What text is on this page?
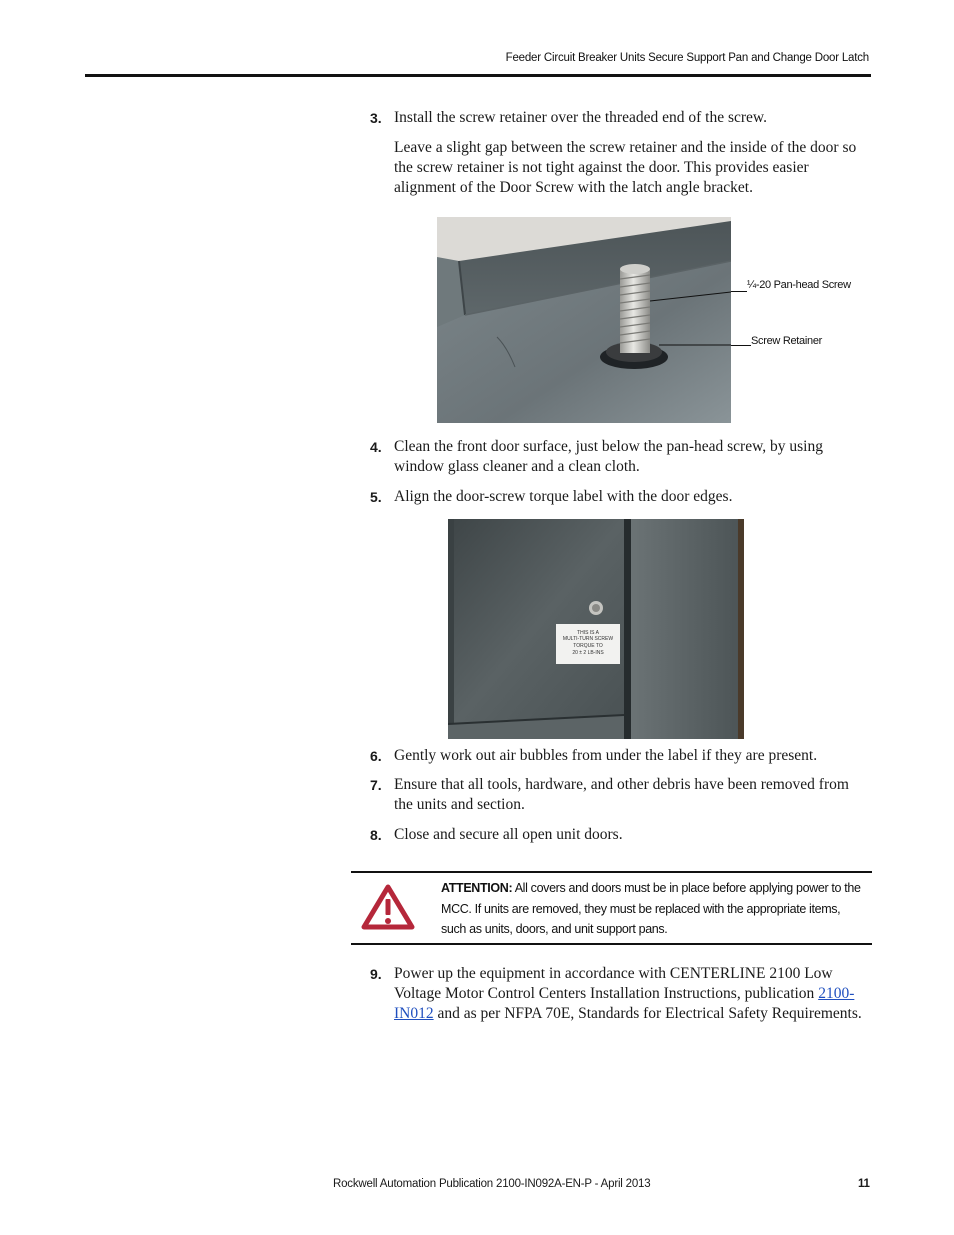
Feeder Circuit Breaker Units Secure Support Pan and Change Door Latch
3. Install the screw retainer over the threaded end of the screw.
Leave a slight gap between the screw retainer and the inside of the door so the screw retainer is not tight against the door. This provides easier alignment of the Door Screw with the latch angle bracket.
¼-20 Pan-head Screw
Screw Retainer
4. Clean the front door surface, just below the pan-head screw, by using window glass cleaner and a clean cloth.
5. Align the door-screw torque label with the door edges.
THIS IS A
MULTI-TURN SCREW
TORQUE TO
20 ± 2 LB-INS
6. Gently work out air bubbles from under the label if they are present.
7. Ensure that all tools, hardware, and other debris have been removed from the units and section.
8. Close and secure all open unit doors.
ATTENTION: All covers and doors must be in place before applying power to the MCC. If units are removed, they must be replaced with the appropriate items, such as units, doors, and unit support pans.
9. Power up the equipment in accordance with CENTERLINE 2100 Low Voltage Motor Control Centers Installation Instructions, publication 2100-IN012 and as per NFPA 70E, Standards for Electrical Safety Requirements.
Rockwell Automation Publication 2100-IN092A-EN-P - April 2013	11
